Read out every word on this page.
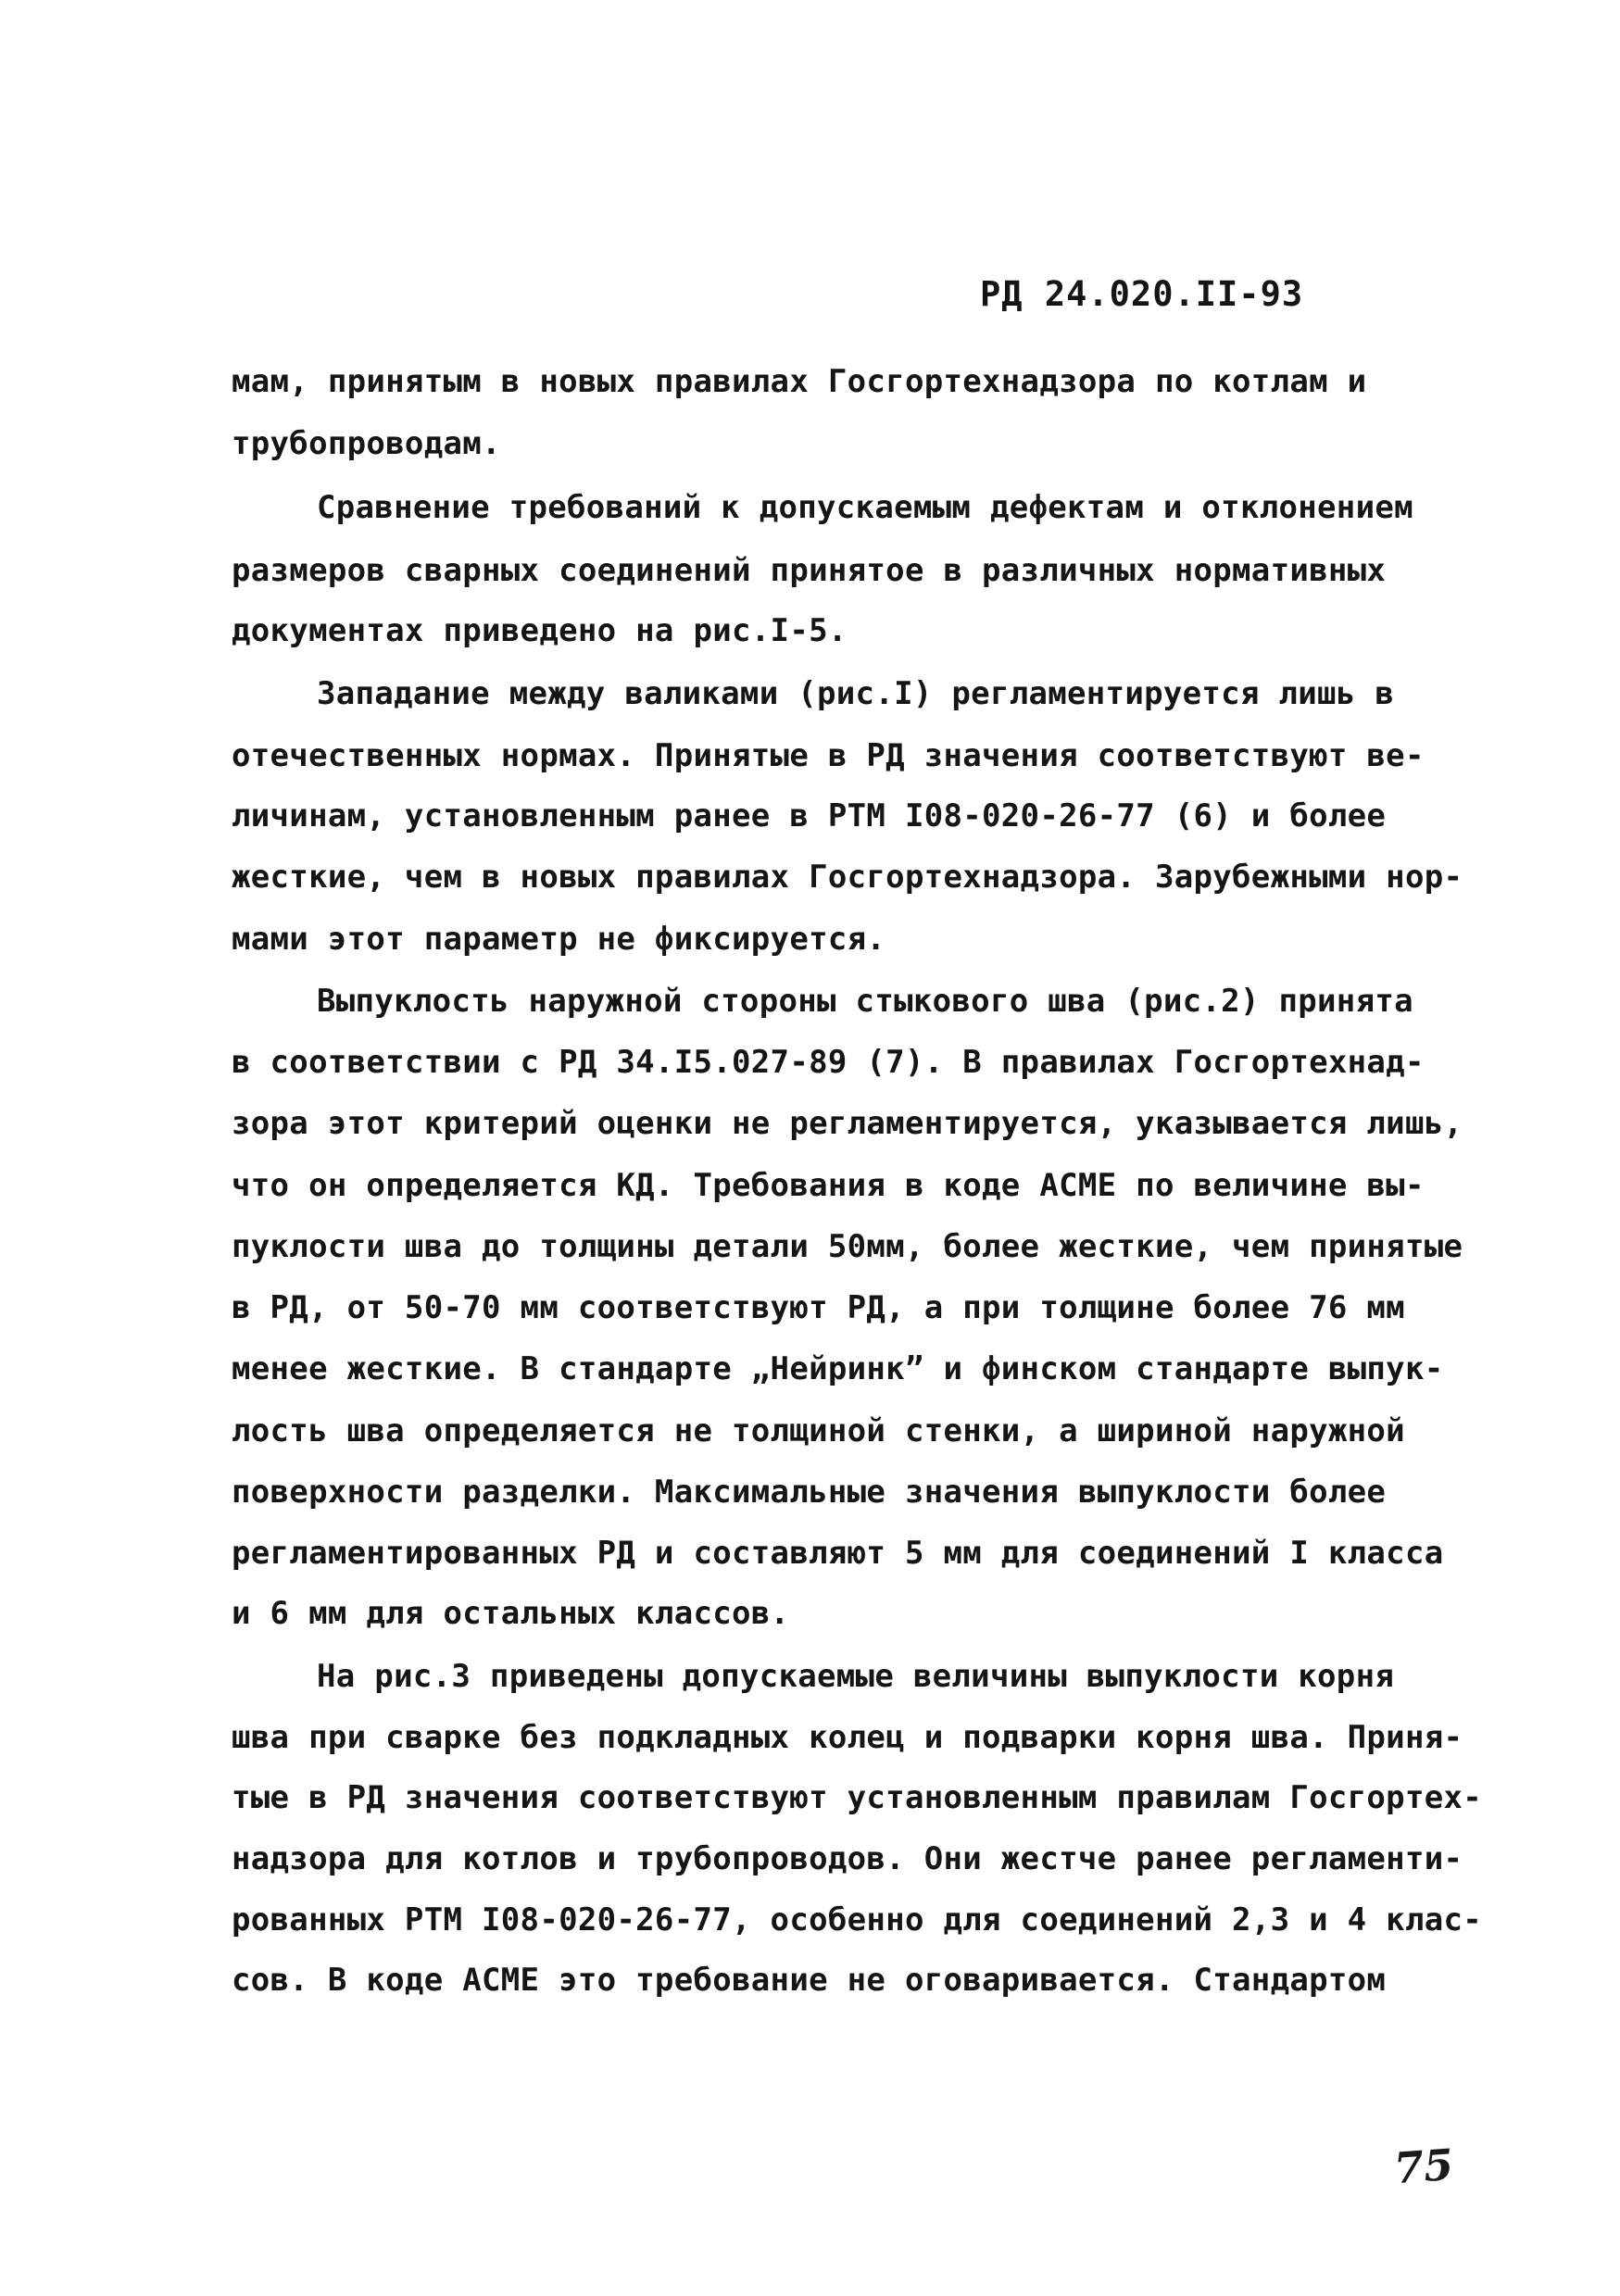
РД 24.020.II-93
мам, принятым в новых правилах Госгортехнадзора по котлам и
трубопроводам.
Сравнение требований к допускаемым дефектам и отклонением
размеров сварных соединений принятое в различных нормативных
документах приведено на рис.I-5.
Западание между валиками (рис.I) регламентируется лишь в
отечественных нормах. Принятые в РД значения соответствуют ве-
личинам, установленным ранее в РТМ I08-020-26-77 (6) и более
жесткие, чем в новых правилах Госгортехнадзора. Зарубежными нор-
мами этот параметр не фиксируется.
Выпуклость наружной стороны стыкового шва (рис.2) принята
в соответствии с РД 34.I5.027-89 (7). В правилах Госгортехнад-
зора этот критерий оценки не регламентируется, указывается лишь,
что он определяется КД. Требования в коде АСМЕ по величине вы-
пуклости шва до толщины детали 50мм, более жесткие, чем принятые
в РД, от 50-70 мм соответствуют РД, а при толщине более 76 мм
менее жесткие. В стандарте „Нейринк” и финском стандарте выпук-
лость шва определяется не толщиной стенки, а шириной наружной
поверхности разделки. Максимальные значения выпуклости более
регламентированных РД и составляют 5 мм для соединений I класса
и 6 мм для остальных классов.
На рис.3 приведены допускаемые величины выпуклости корня
шва при сварке без подкладных колец и подварки корня шва. Приня-
тые в РД значения соответствуют установленным правилам Госгортех-
надзора для котлов и трубопроводов. Они жестче ранее регламенти-
рованных РТМ I08-020-26-77, особенно для соединений 2,3 и 4 клас-
сов. В коде АСМЕ это требование не оговаривается. Стандартом
75
